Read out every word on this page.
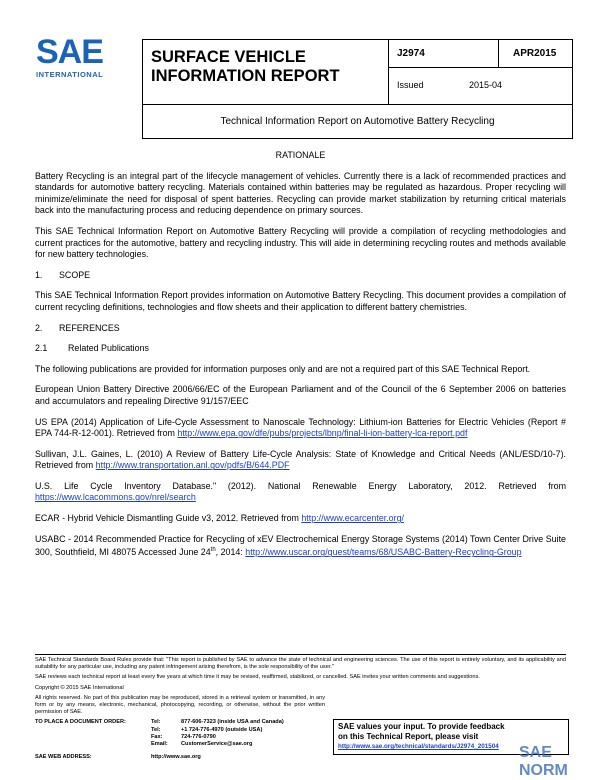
SAE
INTERNATIONAL
SURFACE VEHICLE INFORMATION REPORT
J2974	APR2015
Issued	2015-04
Technical Information Report on Automotive Battery Recycling

RATIONALE

Battery Recycling is an integral part of the lifecycle management of vehicles. Currently there is a lack of recommended practices and standards for automotive battery recycling. Materials contained within batteries may be regulated as hazardous. Proper recycling will minimize/eliminate the need for disposal of spent batteries. Recycling can provide market stabilization by returning critical materials back into the manufacturing process and reducing dependence on primary sources.

This SAE Technical Information Report on Automotive Battery Recycling will provide a compilation of recycling methodologies and current practices for the automotive, battery and recycling industry. This will aide in determining recycling routes and methods available for new battery technologies.

1.	SCOPE

This SAE Technical Information Report provides information on Automotive Battery Recycling. This document provides a compilation of current recycling definitions, technologies and flow sheets and their application to different battery chemistries.

2.	REFERENCES

2.1	Related Publications

The following publications are provided for information purposes only and are not a required part of this SAE Technical Report.

European Union Battery Directive 2006/66/EC of the European Parliament and of the Council of the 6 September 2006 on batteries and accumulators and repealing Directive 91/157/EEC

US EPA (2014) Application of Life-Cycle Assessment to Nanoscale Technology: Lithium-ion Batteries for Electric Vehicles (Report # EPA 744-R-12-001). Retrieved from http://www.epa.gov/dfe/pubs/projects/lbnp/final-li-ion-battery-lca-report.pdf

Sullivan, J.L. Gaines, L. (2010) A Review of Battery Life-Cycle Analysis: State of Knowledge and Critical Needs (ANL/ESD/10-7). Retrieved from http://www.transportation.anl.gov/pdfs/B/644.PDF

U.S. Life Cycle Inventory Database." (2012). National Renewable Energy Laboratory, 2012. Retrieved from https://www.lcacommons.gov/nrel/search

ECAR - Hybrid Vehicle Dismantling Guide v3, 2012. Retrieved from http://www.ecarcenter.org/

USABC - 2014 Recommended Practice for Recycling of xEV Electrochemical Energy Storage Systems (2014) Town Center Drive Suite 300, Southfield, MI 48075 Accessed June 24th, 2014: http://www.uscar.org/guest/teams/68/USABC-Battery-Recycling-Group

SAE Technical Standards Board Rules provide that: "This report is published by SAE to advance the state of technical and engineering sciences. The use of this report is entirely voluntary, and its applicability and suitability for any particular use, including any patent infringement arising therefrom, is the sole responsibility of the user."

SAE reviews each technical report at least every five years at which time it may be revised, reaffirmed, stabilized, or cancelled. SAE invites your written comments and suggestions.

Copyright © 2015 SAE International

All rights reserved. No part of this publication may be reproduced, stored in a retrieval system or transmitted, in any form or by any means, electronic, mechanical, photocopying, recording, or otherwise, without the prior written permission of SAE.

TO PLACE A DOCUMENT ORDER:	Tel:	877-606-7323 (inside USA and Canada)
Tel:	+1 724-776-4970 (outside USA)
Fax:	724-776-0790
Email:	CustomerService@sae.org
SAE WEB ADDRESS:	http://www.sae.org
SAE values your input. To provide feedback
on this Technical Report, please visit
http://www.sae.org/technical/standards/J2974_201504	SAE NORM
